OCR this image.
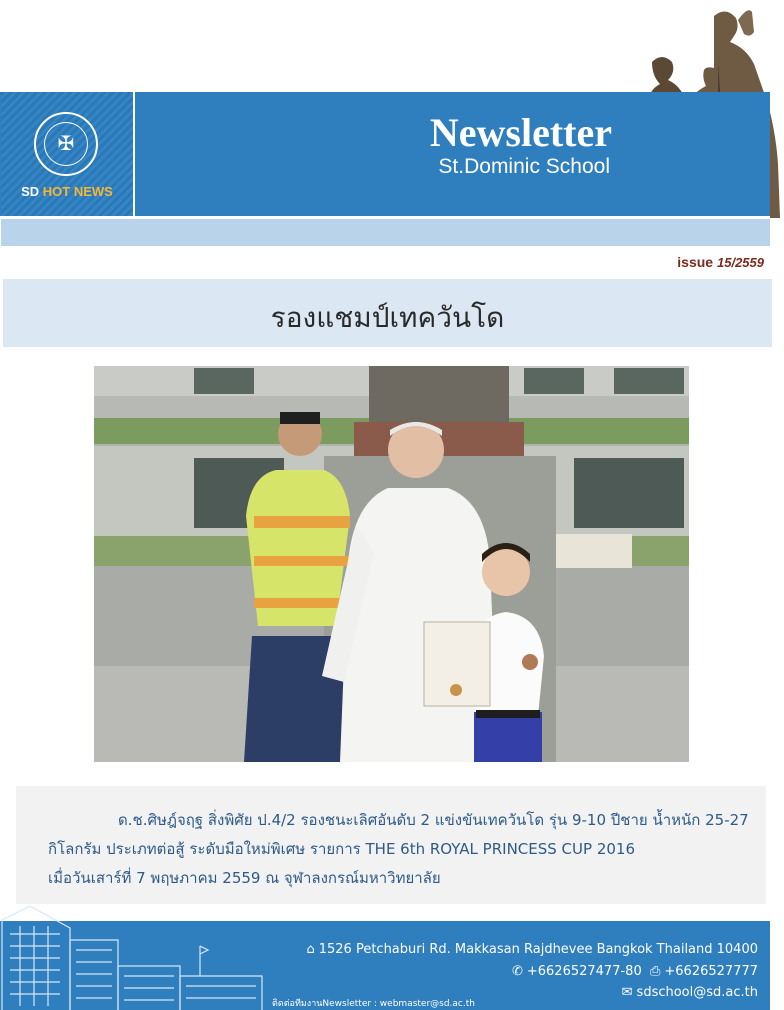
✠
SD HOT NEWS
Newsletter
St.Dominic School
issue 15/2559
รองแชมป์เทควันโด
ด.ช.ศิษฎ์จฤฐ สิ่งพิศัย ป.4/2 รองชนะเลิศอันดับ 2 แข่งขันเทควันโด รุ่น 9-10 ปีชาย น้ำหนัก 25-27
กิโลกรัม ประเภทต่อสู้ ระดับมือใหม่พิเศษ รายการ THE 6th ROYAL PRINCESS CUP 2016
เมื่อวันเสาร์ที่ 7 พฤษภาคม 2559 ณ จุฬาลงกรณ์มหาวิทยาลัย
⌂ 1526 Petchaburi Rd. Makkasan Rajdhevee Bangkok Thailand 10400
✆ +6626527477-80 ⎙ +6626527777
✉ sdschool@sd.ac.th
ติดต่อทีมงานNewsletter : webmaster@sd.ac.th
